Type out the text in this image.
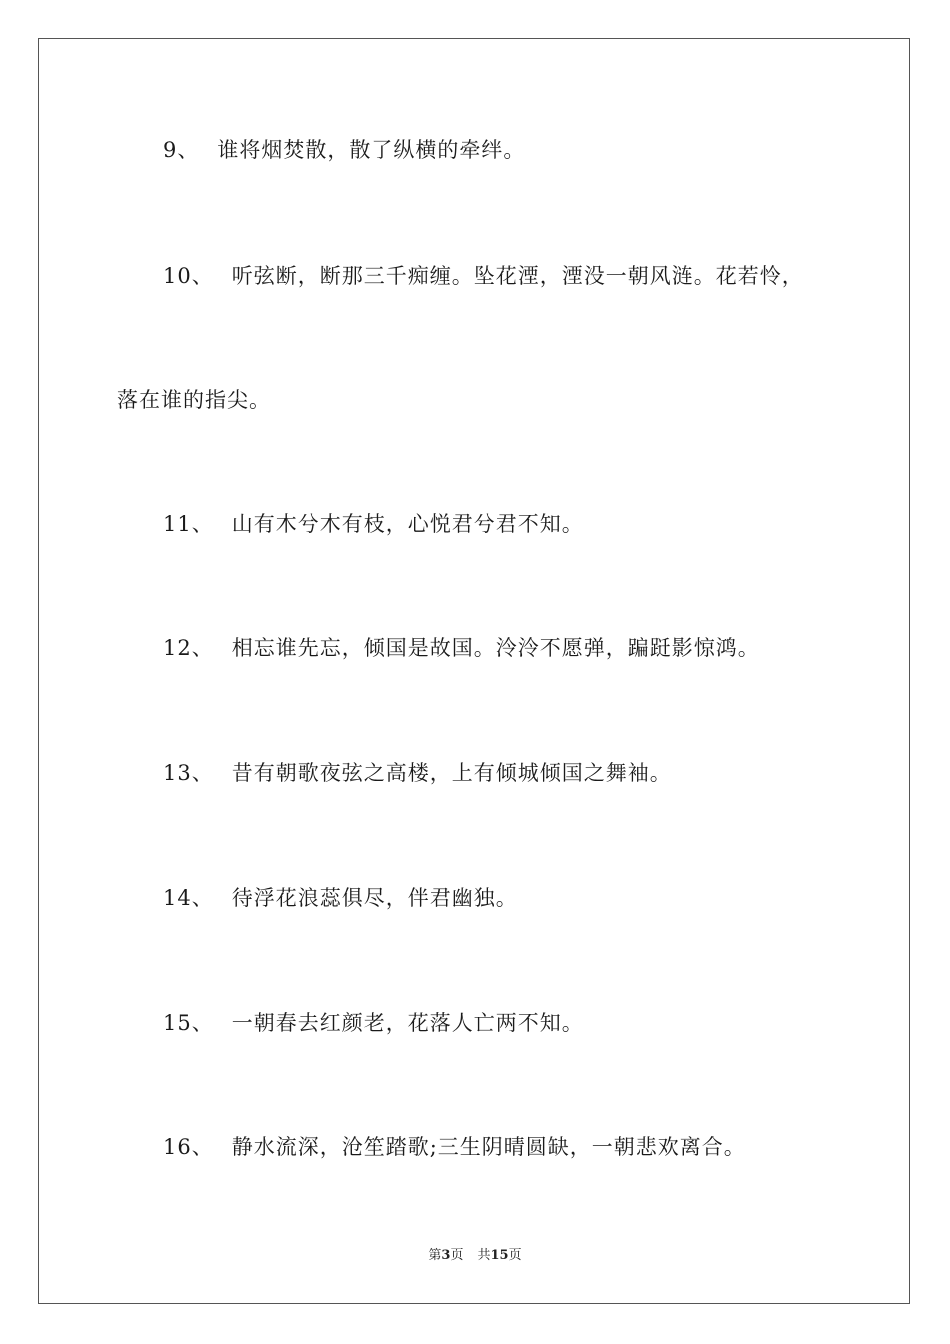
9、 谁将烟焚散，散了纵横的牵绊。
10、 听弦断，断那三千痴缠。坠花湮，湮没一朝风涟。花若怜，
落在谁的指尖。
11、 山有木兮木有枝，心悦君兮君不知。
12、 相忘谁先忘，倾国是故国。泠泠不愿弹，蹁跹影惊鸿。
13、 昔有朝歌夜弦之高楼，上有倾城倾国之舞袖。
14、 待浮花浪蕊俱尽，伴君幽独。
15、 一朝春去红颜老，花落人亡两不知。
16、 静水流深，沧笙踏歌;三生阴晴圆缺，一朝悲欢离合。
第3页 共15页
